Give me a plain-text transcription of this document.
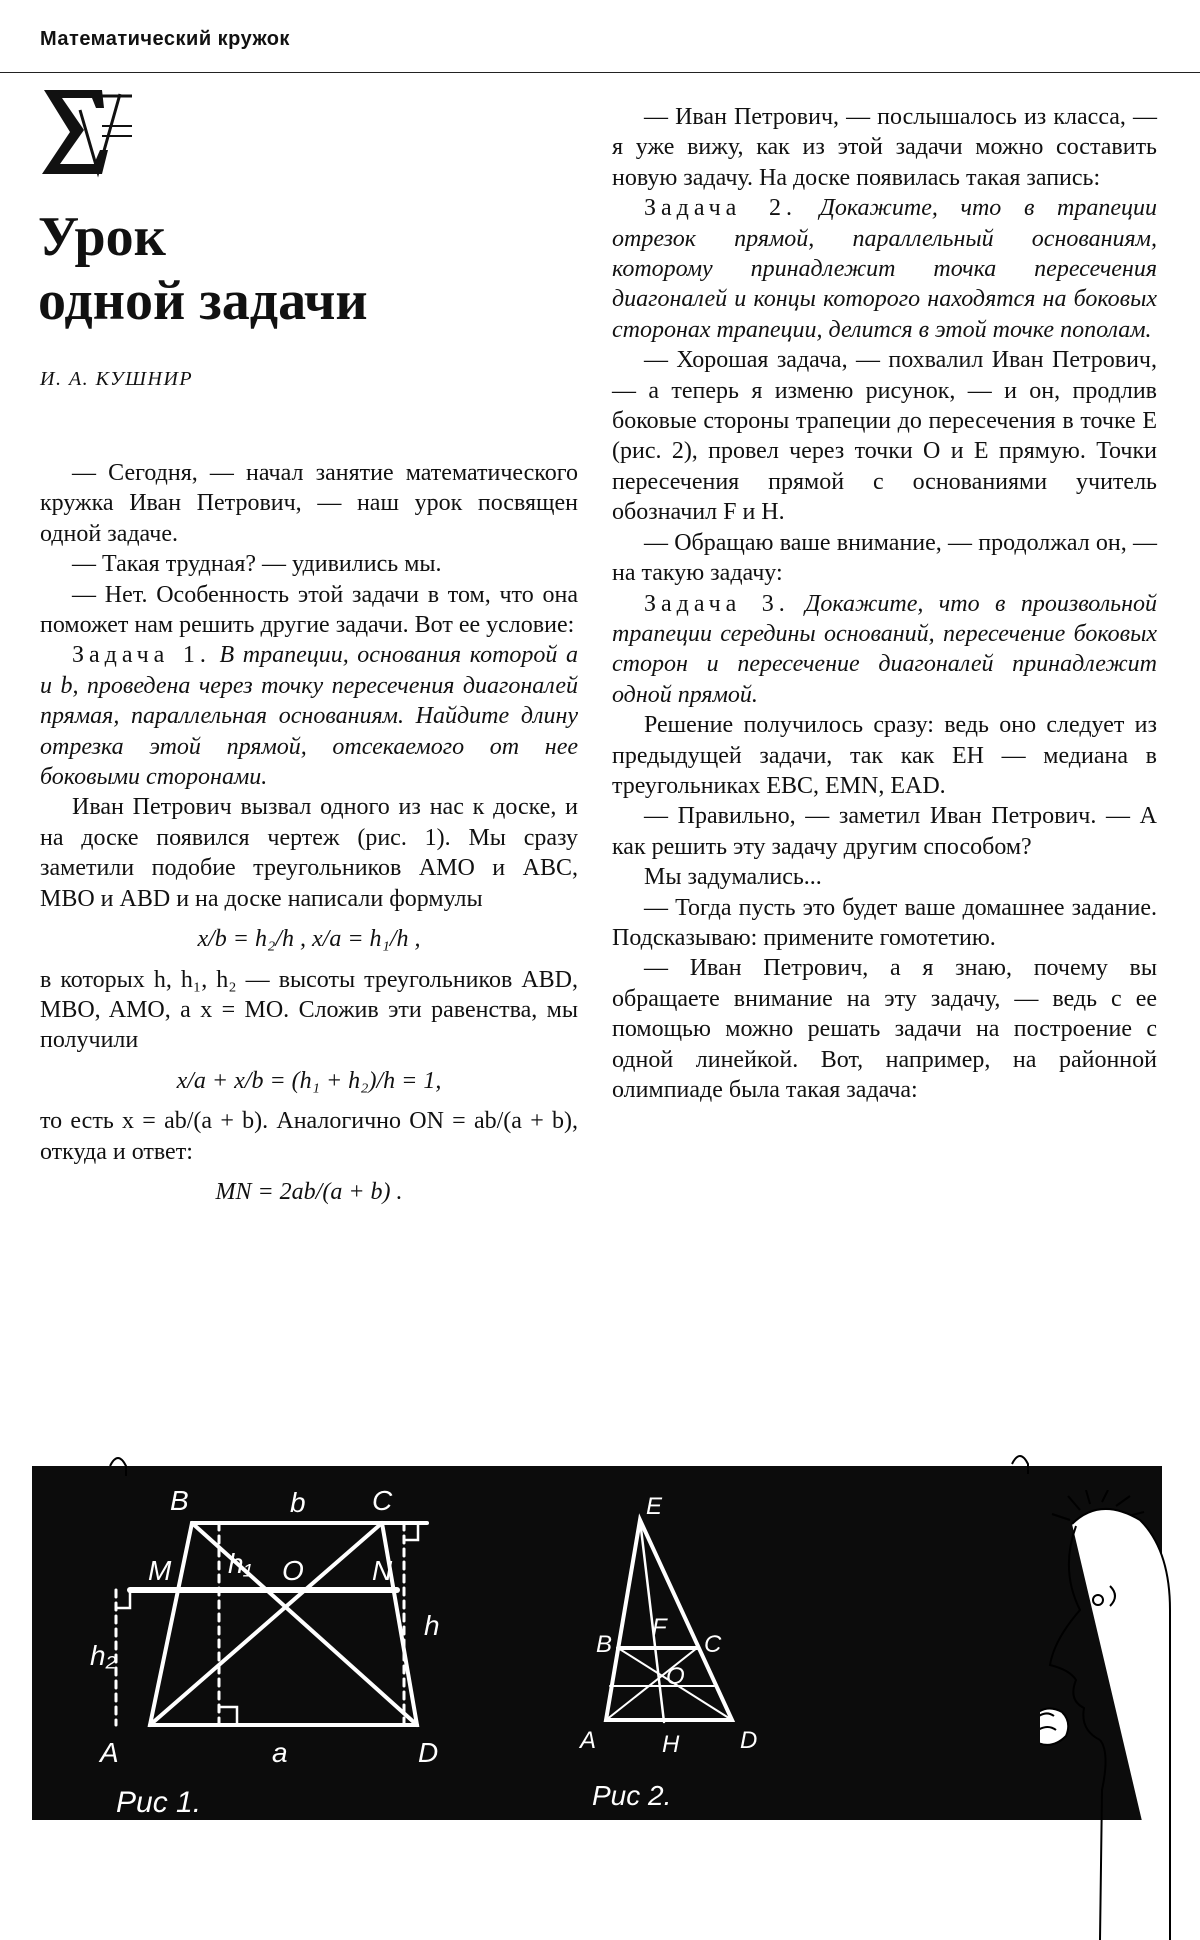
Математический кружок
Урок
одной задачи
И. А. КУШНИР

— Сегодня, — начал занятие математического кружка Иван Петрович, — наш урок посвящен одной задаче.

— Такая трудная? — удивились мы.

— Нет. Особенность этой задачи в том, что она поможет нам решить другие задачи. Вот ее условие:

Задача 1. В трапеции, основания которой a и b, проведена через точку пересечения диагоналей прямая, параллельная основаниям. Найдите длину отрезка этой прямой, отсекаемого от нее боковыми сторонами.

Иван Петрович вызвал одного из нас к доске, и на доске появился чертеж (рис. 1). Мы сразу заметили подобие треугольников AMO и ABC, MBO и ABD и на доске написали формулы

x/b = h₂/h , x/a = h₁/h ,

в которых h, h₁, h₂ — высоты треугольников ABD, MBO, AMO, а x = MO. Сложив эти равенства, мы получили

x/a + x/b = (h₁ + h₂)/h = 1,

то есть x = ab/(a + b). Аналогично ON = ab/(a + b), откуда и ответ:

MN = 2ab/(a + b) .

— Иван Петрович, — послышалось из класса, — я уже вижу, как из этой задачи можно составить новую задачу. На доске появилась такая запись:

Задача 2. Докажите, что в трапеции отрезок прямой, параллельный основаниям, которому принадлежит точка пересечения диагоналей и концы которого находятся на боковых сторонах трапеции, делится в этой точке пополам.

— Хорошая задача, — похвалил Иван Петрович, — а теперь я изменю рисунок, — и он, продлив боковые стороны трапеции до пересечения в точке E (рис. 2), провел через точки O и E прямую. Точки пересечения прямой с основаниями учитель обозначил F и H.

— Обращаю ваше внимание, — продолжал он, — на такую задачу:

Задача 3. Докажите, что в произвольной трапеции середины оснований, пересечение боковых сторон и пересечение диагоналей принадлежит одной прямой.

Решение получилось сразу: ведь оно следует из предыдущей задачи, так как EH — медиана в треугольниках EBC, EMN, EAD.

— Правильно, — заметил Иван Петрович. — А как решить эту задачу другим способом?

Мы задумались...

— Тогда пусть это будет ваше домашнее задание. Подсказываю: примените гомотетию.

— Иван Петрович, а я знаю, почему вы обращаете внимание на эту задачу, — ведь с ее помощью можно решать задачи на построение с одной линейкой. Вот, например, на районной олимпиаде была такая задача:

B	b C
M h₁ O N
h
h₂
A	a	D
Рис 1.
E
B
F
C
O
A	H	D
Рис 2.
